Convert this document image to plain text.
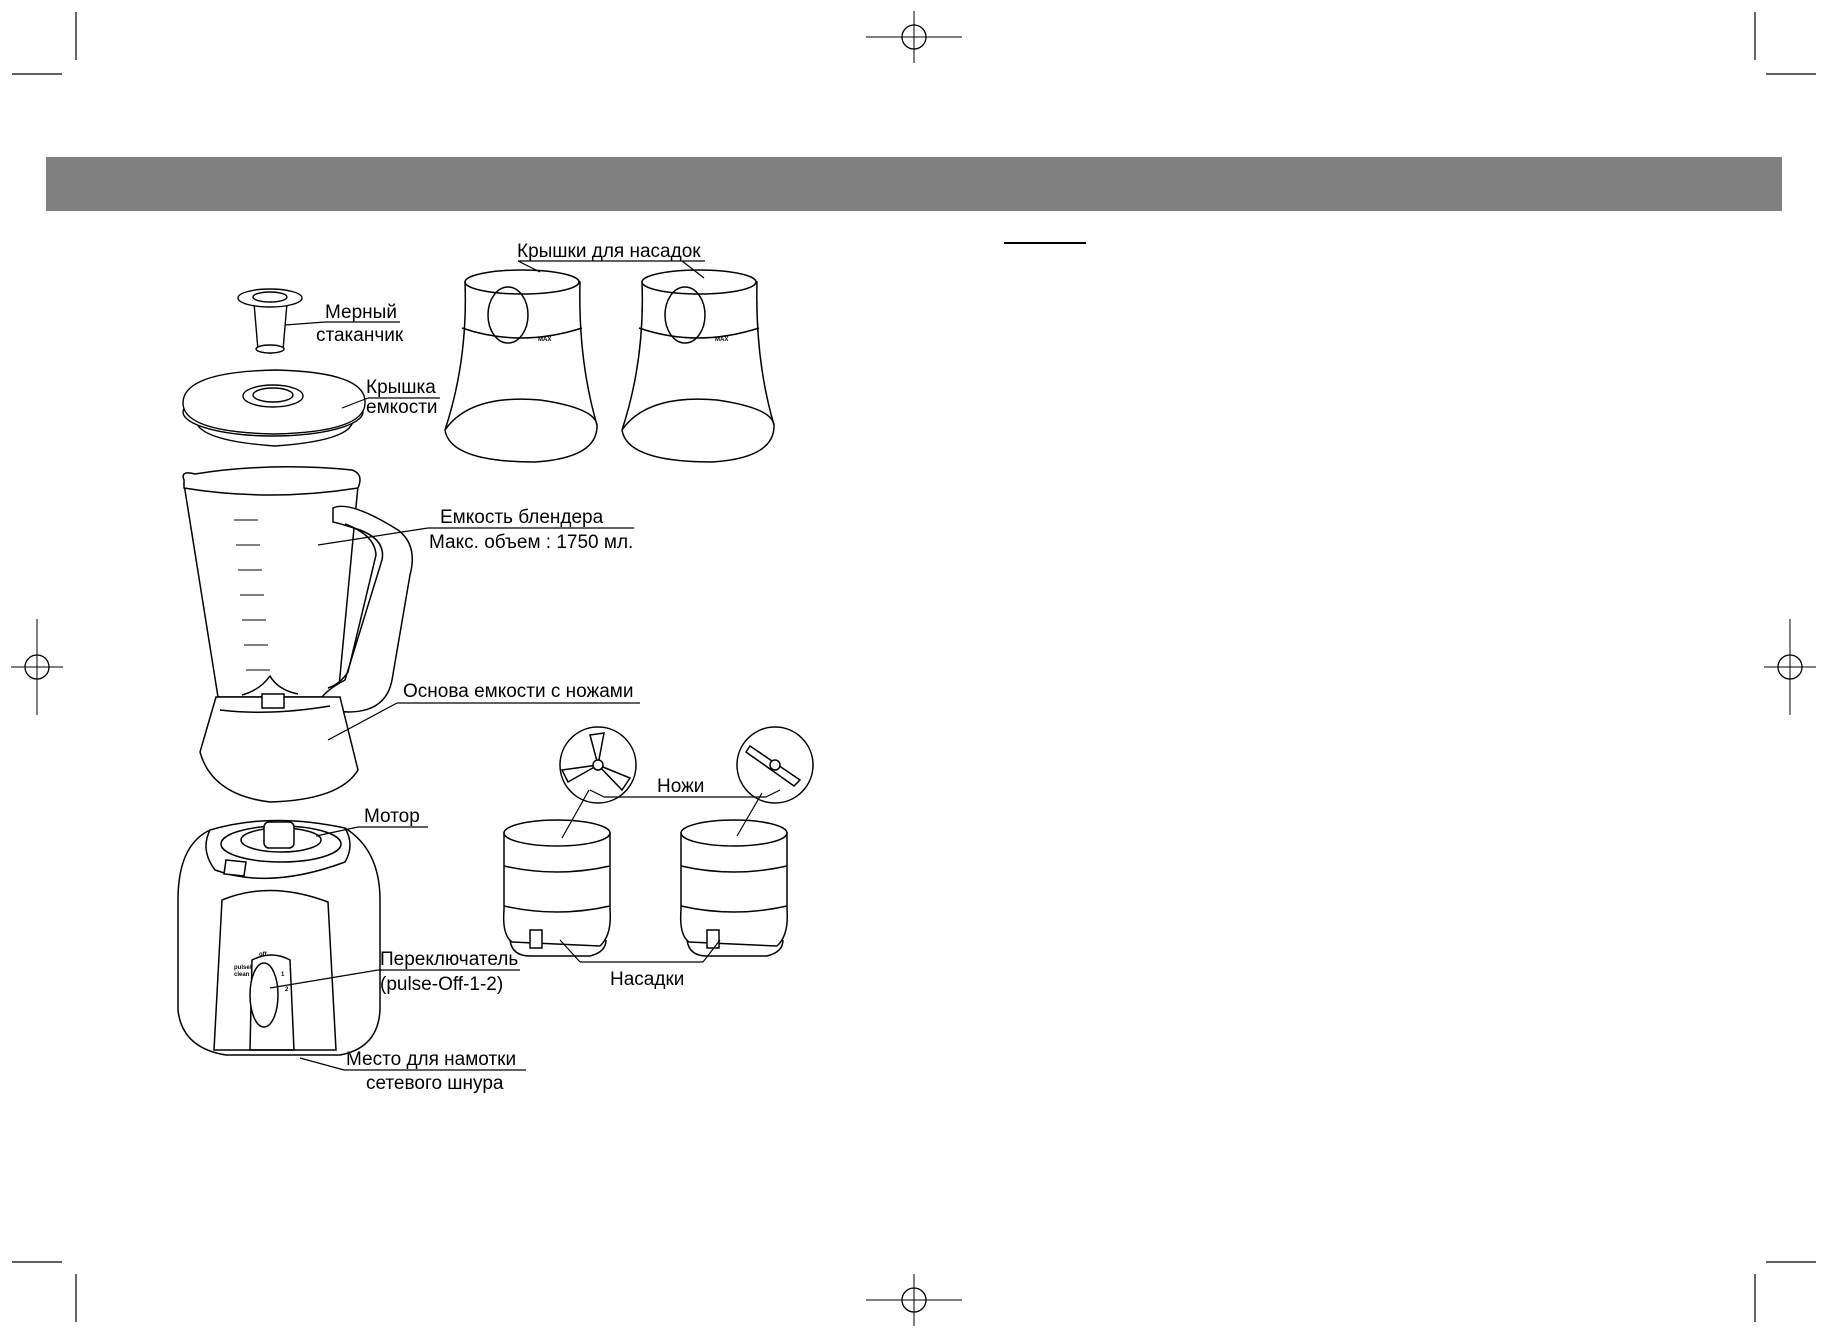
pulse/
clean
off
1
2
MAX	MAX
Мерный
стаканчик
Крышка
емкости
Крышки для насадок
Емкость блендера
Макс. объем : 1750 мл.
Основа емкости с ножами
Мотор
Ножи
Переключатель
(pulse-Off-1-2)	Насадки
Место для намотки
сетевого шнура
